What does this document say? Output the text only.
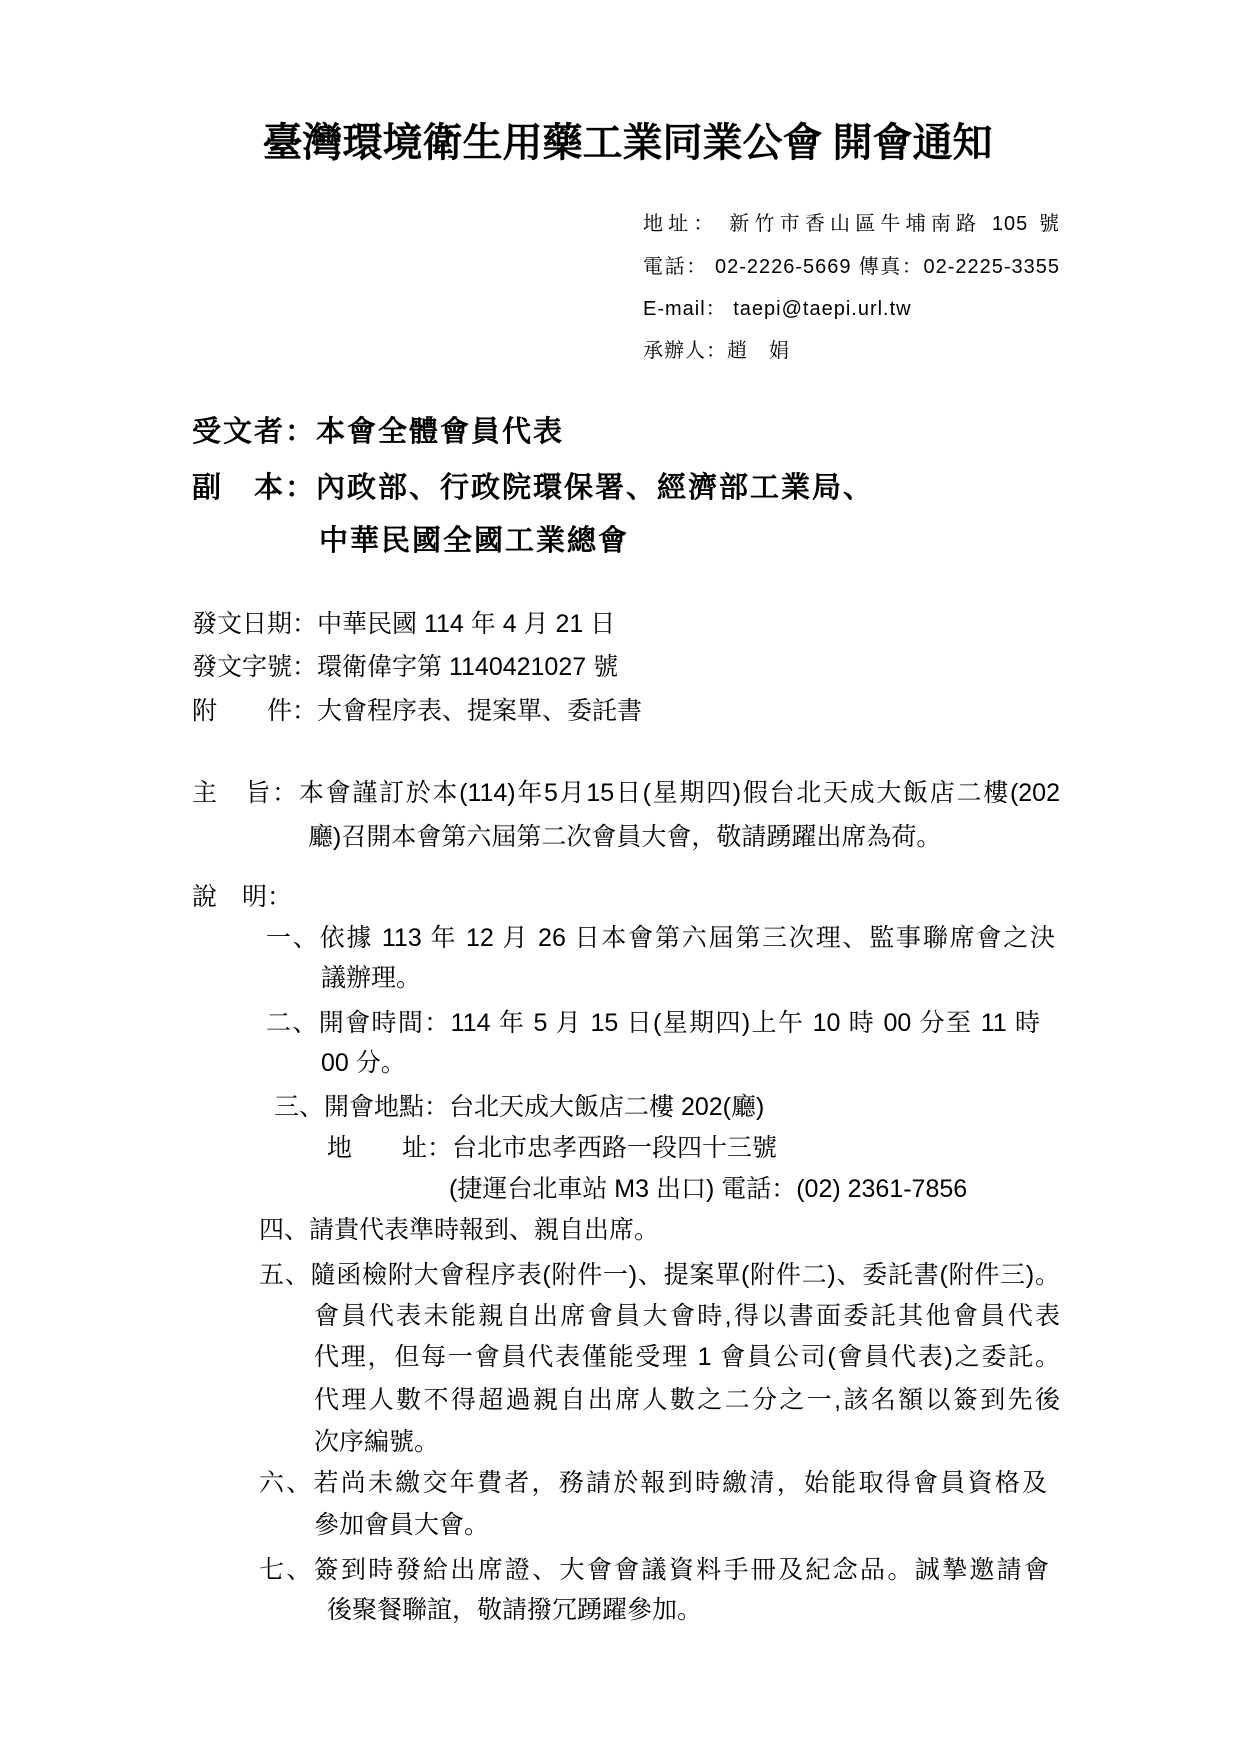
臺灣環境衛生用藥工業同業公會 開會通知
地址： 新竹市香山區牛埔南路 105 號
電話： 02-2226-5669 傳真：02-2225-3355
E-mail： taepi@taepi.url.tw
承辦人：趙　娟
受文者：本會全體會員代表
副　本：內政部、行政院環保署、經濟部工業局、
中華民國全國工業總會
發文日期：中華民國 114 年 4 月 21 日
發文字號：環衛偉字第 1140421027 號
附　　件：大會程序表、提案單、委託書
主　旨：本會謹訂於本(114)年5月15日(星期四)假台北天成大飯店二樓(202
廳)召開本會第六屆第二次會員大會，敬請踴躍出席為荷。
說　明：
一、依據 113 年 12 月 26 日本會第六屆第三次理、監事聯席會之決
議辦理。
二、開會時間：114 年 5 月 15 日(星期四)上午 10 時 00 分至 11 時
00 分。
三、開會地點：台北天成大飯店二樓 202(廳)
地　　址：台北市忠孝西路一段四十三號
(捷運台北車站 M3 出口) 電話：(02) 2361-7856
四、請貴代表準時報到、親自出席。
五、隨函檢附大會程序表(附件一)、提案單(附件二)、委託書(附件三)。
會員代表未能親自出席會員大會時,得以書面委託其他會員代表
代理，但每一會員代表僅能受理 1 會員公司(會員代表)之委託。
代理人數不得超過親自出席人數之二分之一,該名額以簽到先後
次序編號。
六、若尚未繳交年費者，務請於報到時繳清，始能取得會員資格及
參加會員大會。
七、簽到時發給出席證、大會會議資料手冊及紀念品。誠摯邀請會
後聚餐聯誼，敬請撥冗踴躍參加。
